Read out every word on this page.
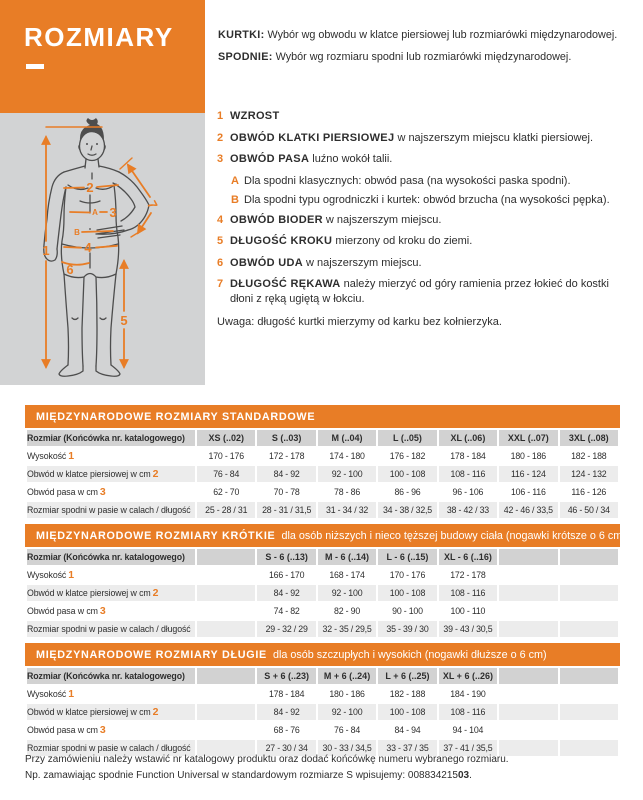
ROZMIARY	KURTKI: Wybór wg obwodu w klatce piersiowej lub rozmiarówki międzynarodowej.
SPODNIE: Wybór wg rozmiaru spodni lub rozmiarówki międzynarodowej.
1
2
3
A
B
4
6
5
7
1 WZROST
2 OBWÓD KLATKI PIERSIOWEJ w najszerszym miejscu klatki piersiowej.
3 OBWÓD PASA luźno wokół talii.
A Dla spodni klasycznych: obwód pasa (na wysokości paska spodni).
B Dla spodni typu ogrodniczki i kurtek: obwód brzucha (na wysokości pępka).
4 OBWÓD BIODER w najszerszym miejscu.
5 DŁUGOŚĆ KROKU mierzony od kroku do ziemi.
6 OBWÓD UDA w najszerszym miejscu.
7 DŁUGOŚĆ RĘKAWA należy mierzyć od góry ramienia przez łokieć do kostki dłoni z ręką ugiętą w łokciu.
Uwaga: długość kurtki mierzymy od karku bez kołnierzyka.
MIĘDZYNARODOWE ROZMIARY STANDARDOWE
Rozmiar (Końcówka nr. katalogowego)	XS (..02)	S (..03)	M (..04)	L (..05)	XL (..06)	XXL (..07)	3XL (..08)
Wysokość 1	170 - 176	172 - 178	174 - 180	176 - 182	178 - 184	180 - 186	182 - 188
Obwód w klatce piersiowej w cm 2	76 - 84	84 - 92	92 - 100	100 - 108	108 - 116	116 - 124	124 - 132
Obwód pasa w cm 3	62 - 70	70 - 78	78 - 86	86 - 96	96 - 106	106 - 116	116 - 126
Rozmiar spodni w pasie w calach / długość	25 - 28 / 31	28 - 31 / 31,5	31 - 34 / 32	34 - 38 / 32,5	38 - 42 / 33	42 - 46 / 33,5	46 - 50 / 34
MIĘDZYNARODOWE ROZMIARY KRÓTKIE dla osób niższych i nieco tęższej budowy ciała (nogawki krótsze o 6 cm)
Rozmiar (Końcówka nr. katalogowego)		S - 6 (..13)	M - 6 (..14)	L - 6 (..15)	XL - 6 (..16)		
Wysokość 1		166 - 170	168 - 174	170 - 176	172 - 178		
Obwód w klatce piersiowej w cm 2		84 - 92	92 - 100	100 - 108	108 - 116		
Obwód pasa w cm 3		74 - 82	82 - 90	90 - 100	100 - 110		
Rozmiar spodni w pasie w calach / długość		29 - 32 / 29	32 - 35 / 29,5	35 - 39 / 30	39 - 43 / 30,5		
MIĘDZYNARODOWE ROZMIARY DŁUGIE dla osób szczupłych i wysokich (nogawki dłuższe o 6 cm)
Rozmiar (Końcówka nr. katalogowego)		S + 6 (..23)	M + 6 (..24)	L + 6 (..25)	XL + 6 (..26)		
Wysokość 1		178 - 184	180 - 186	182 - 188	184 - 190		
Obwód w klatce piersiowej w cm 2		84 - 92	92 - 100	100 - 108	108 - 116		
Obwód pasa w cm 3		68 - 76	76 - 84	84 - 94	94 - 104		
Rozmiar spodni w pasie w calach / długość		27 - 30 / 34	30 - 33 / 34,5	33 - 37 / 35	37 - 41 / 35,5		
Przy zamówieniu należy wstawić nr katalogowy produktu oraz dodać końcówkę numeru wybranego rozmiaru.
Np. zamawiając spodnie Function Universal w standardowym rozmiarze S wpisujemy: 00883421503.
